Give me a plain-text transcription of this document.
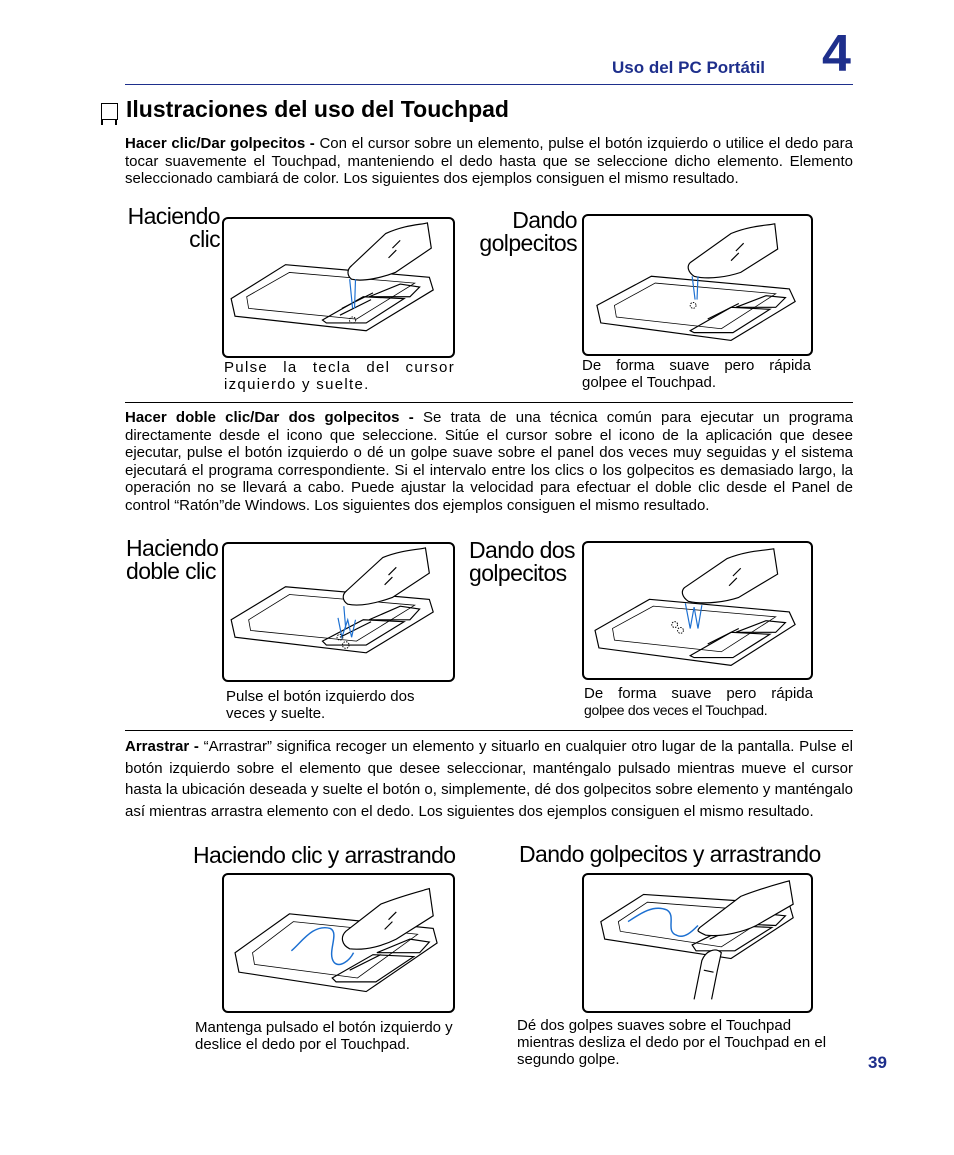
Uso del PC Portátil 4
Ilustraciones del uso del Touchpad
Hacer clic/Dar golpecitos - Con el cursor sobre un elemento, pulse el botón izquierdo o utilice el dedo para tocar suavemente el Touchpad, manteniendo el dedo hasta que se seleccione dicho elemento. Elemento seleccionado cambiará de color. Los siguientes dos ejemplos consiguen el mismo resultado.
Haciendo
clic
Pulse la tecla del cursor izquierdo y suelte.
Dando
golpecitos
De forma suave pero rápida golpee el Touchpad.
Hacer doble clic/Dar dos golpecitos - Se trata de una técnica común para ejecutar un programa directamente desde el icono que seleccione. Sitúe el cursor sobre el icono de la aplicación que desee ejecutar, pulse el botón izquierdo o dé un golpe suave sobre el panel dos veces muy seguidas y el sistema ejecutará el programa correspondiente. Si el intervalo entre los clics o los golpecitos es demasiado largo, la operación no se llevará a cabo. Puede ajustar la velocidad para efectuar el doble clic desde el Panel de control “Ratón”de Windows. Los siguientes dos ejemplos consiguen el mismo resultado.
Haciendo
doble clic
Pulse el botón izquierdo dos veces y suelte.
Dando dos
golpecitos
De forma suave pero rápida
golpee dos veces el Touchpad.
Arrastrar - “Arrastrar” significa recoger un elemento y situarlo en cualquier otro lugar de la pantalla. Pulse el botón izquierdo sobre el elemento que desee seleccionar, manténgalo pulsado mientras mueve el cursor hasta la ubicación deseada y suelte el botón o, simplemente, dé dos golpecitos sobre elemento y manténgalo así mientras arrastra elemento con el dedo. Los siguientes dos ejemplos consiguen el mismo resultado.
Haciendo clic y arrastrando
Mantenga pulsado el botón izquierdo y deslice el dedo por el Touchpad.
Dando golpecitos y arrastrando
Dé dos golpes suaves sobre el Touchpad mientras desliza el dedo por el Touchpad en el segundo golpe.	39
